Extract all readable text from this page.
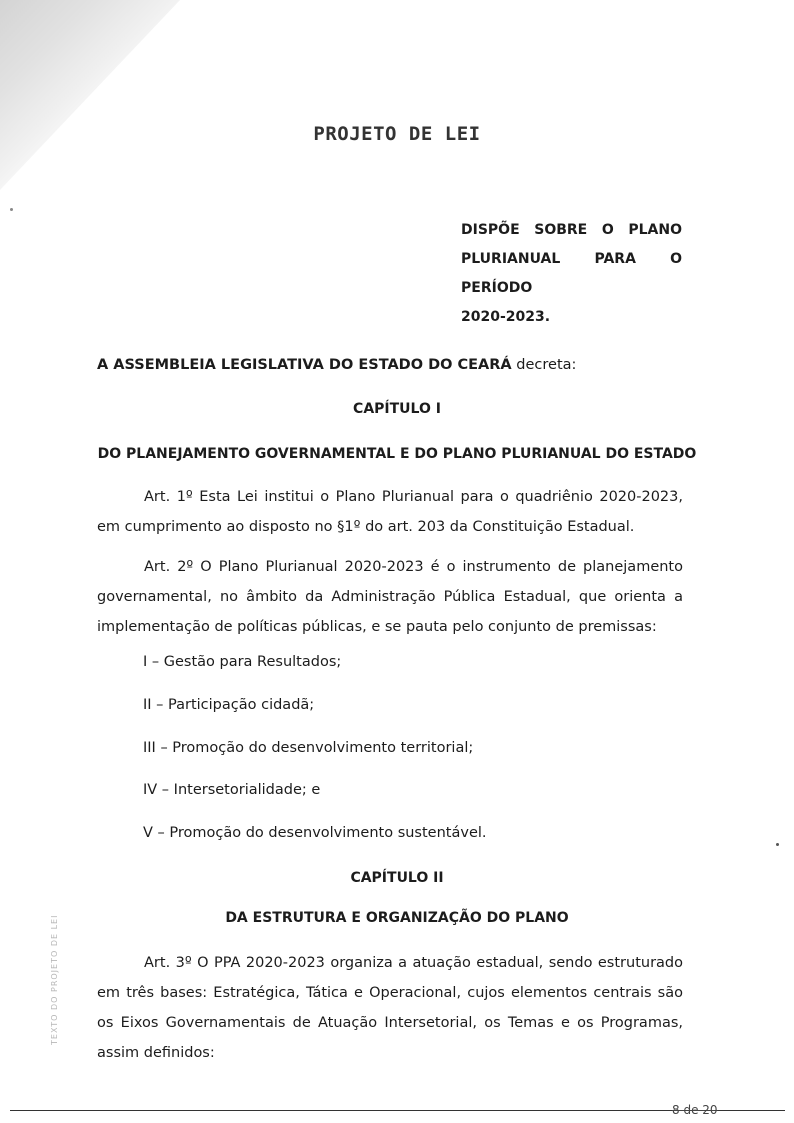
PROJETO DE LEI
DISPÕE SOBRE O PLANO
PLURIANUAL PARA O PERÍODO
2020-2023.
A ASSEMBLEIA LEGISLATIVA DO ESTADO DO CEARÁ decreta:
CAPÍTULO I
DO PLANEJAMENTO GOVERNAMENTAL E DO PLANO PLURIANUAL DO ESTADO
Art. 1º Esta Lei institui o Plano Plurianual para o quadriênio 2020-2023, em cumprimento ao disposto no §1º do art. 203 da Constituição Estadual.
Art. 2º O Plano Plurianual 2020-2023 é o instrumento de planejamento governamental, no âmbito da Administração Pública Estadual, que orienta a implementação de políticas públicas, e se pauta pelo conjunto de premissas:
I – Gestão para Resultados;
II – Participação cidadã;
III – Promoção do desenvolvimento territorial;
IV – Intersetorialidade; e
V – Promoção do desenvolvimento sustentável.
CAPÍTULO II
DA ESTRUTURA E ORGANIZAÇÃO DO PLANO
Art. 3º O PPA 2020-2023 organiza a atuação estadual, sendo estruturado em três bases: Estratégica, Tática e Operacional, cujos elementos centrais são os Eixos Governamentais de Atuação Intersetorial, os Temas e os Programas, assim definidos:
TEXTO DO PROJETO DE LEI
8 de 20
